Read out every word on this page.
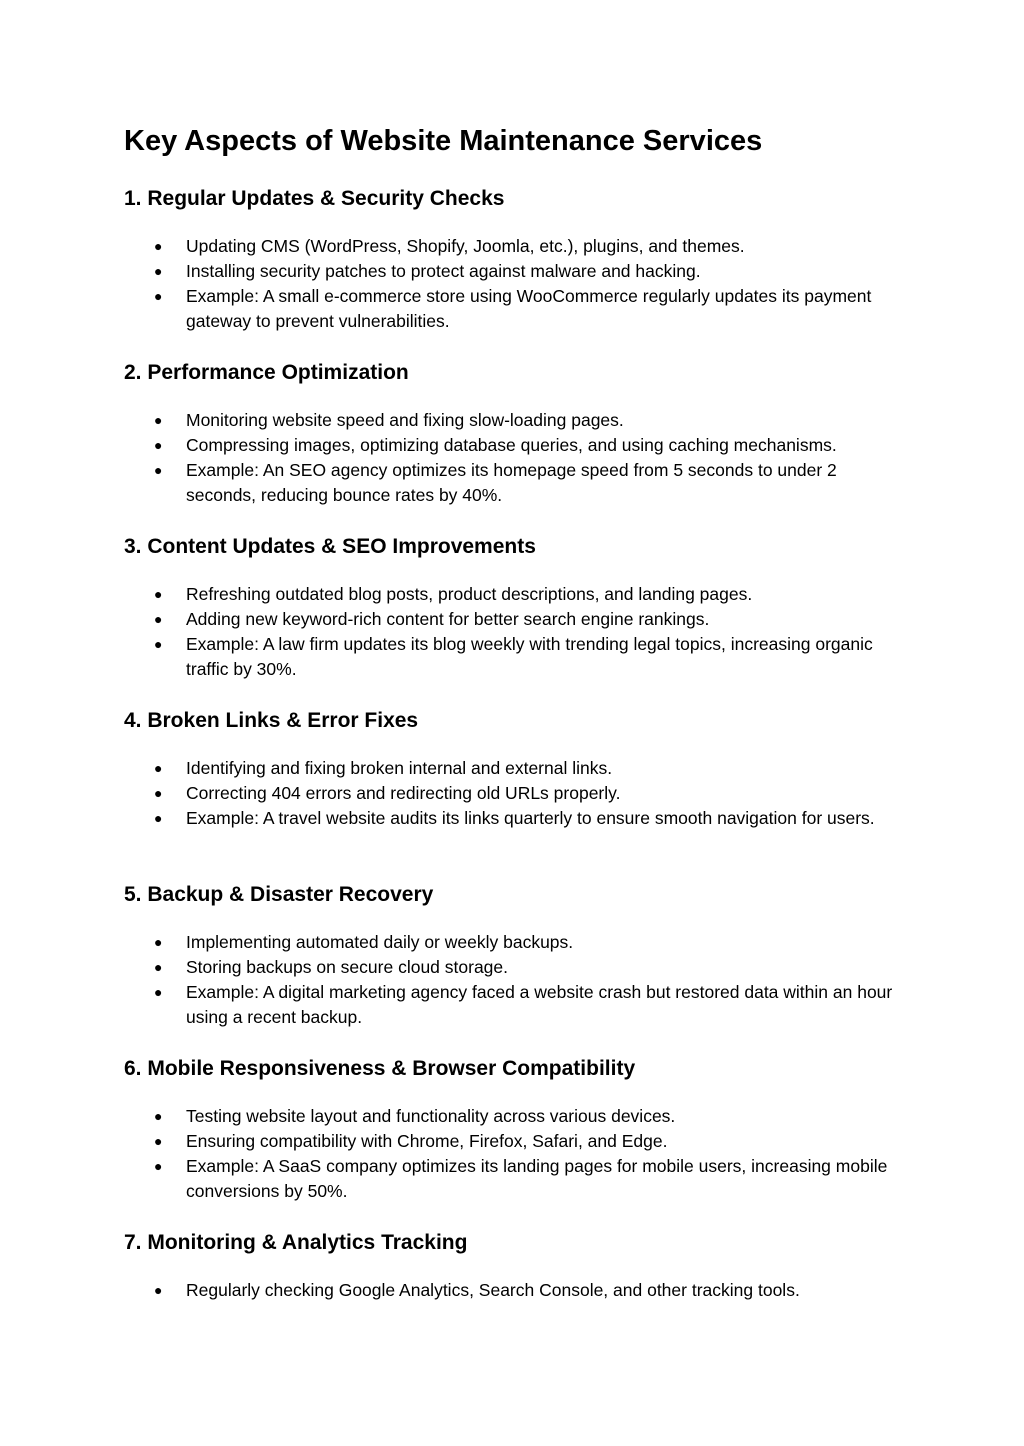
Key Aspects of Website Maintenance Services
1. Regular Updates & Security Checks
● Updating CMS (WordPress, Shopify, Joomla, etc.), plugins, and themes.
● Installing security patches to protect against malware and hacking.
● Example: A small e-commerce store using WooCommerce regularly updates its payment gateway to prevent vulnerabilities.
2. Performance Optimization
● Monitoring website speed and fixing slow-loading pages.
● Compressing images, optimizing database queries, and using caching mechanisms.
● Example: An SEO agency optimizes its homepage speed from 5 seconds to under 2 seconds, reducing bounce rates by 40%.
3. Content Updates & SEO Improvements
● Refreshing outdated blog posts, product descriptions, and landing pages.
● Adding new keyword-rich content for better search engine rankings.
● Example: A law firm updates its blog weekly with trending legal topics, increasing organic traffic by 30%.
4. Broken Links & Error Fixes
● Identifying and fixing broken internal and external links.
● Correcting 404 errors and redirecting old URLs properly.
● Example: A travel website audits its links quarterly to ensure smooth navigation for users.
5. Backup & Disaster Recovery
● Implementing automated daily or weekly backups.
● Storing backups on secure cloud storage.
● Example: A digital marketing agency faced a website crash but restored data within an hour using a recent backup.
6. Mobile Responsiveness & Browser Compatibility
● Testing website layout and functionality across various devices.
● Ensuring compatibility with Chrome, Firefox, Safari, and Edge.
● Example: A SaaS company optimizes its landing pages for mobile users, increasing mobile conversions by 50%.
7. Monitoring & Analytics Tracking
● Regularly checking Google Analytics, Search Console, and other tracking tools.
